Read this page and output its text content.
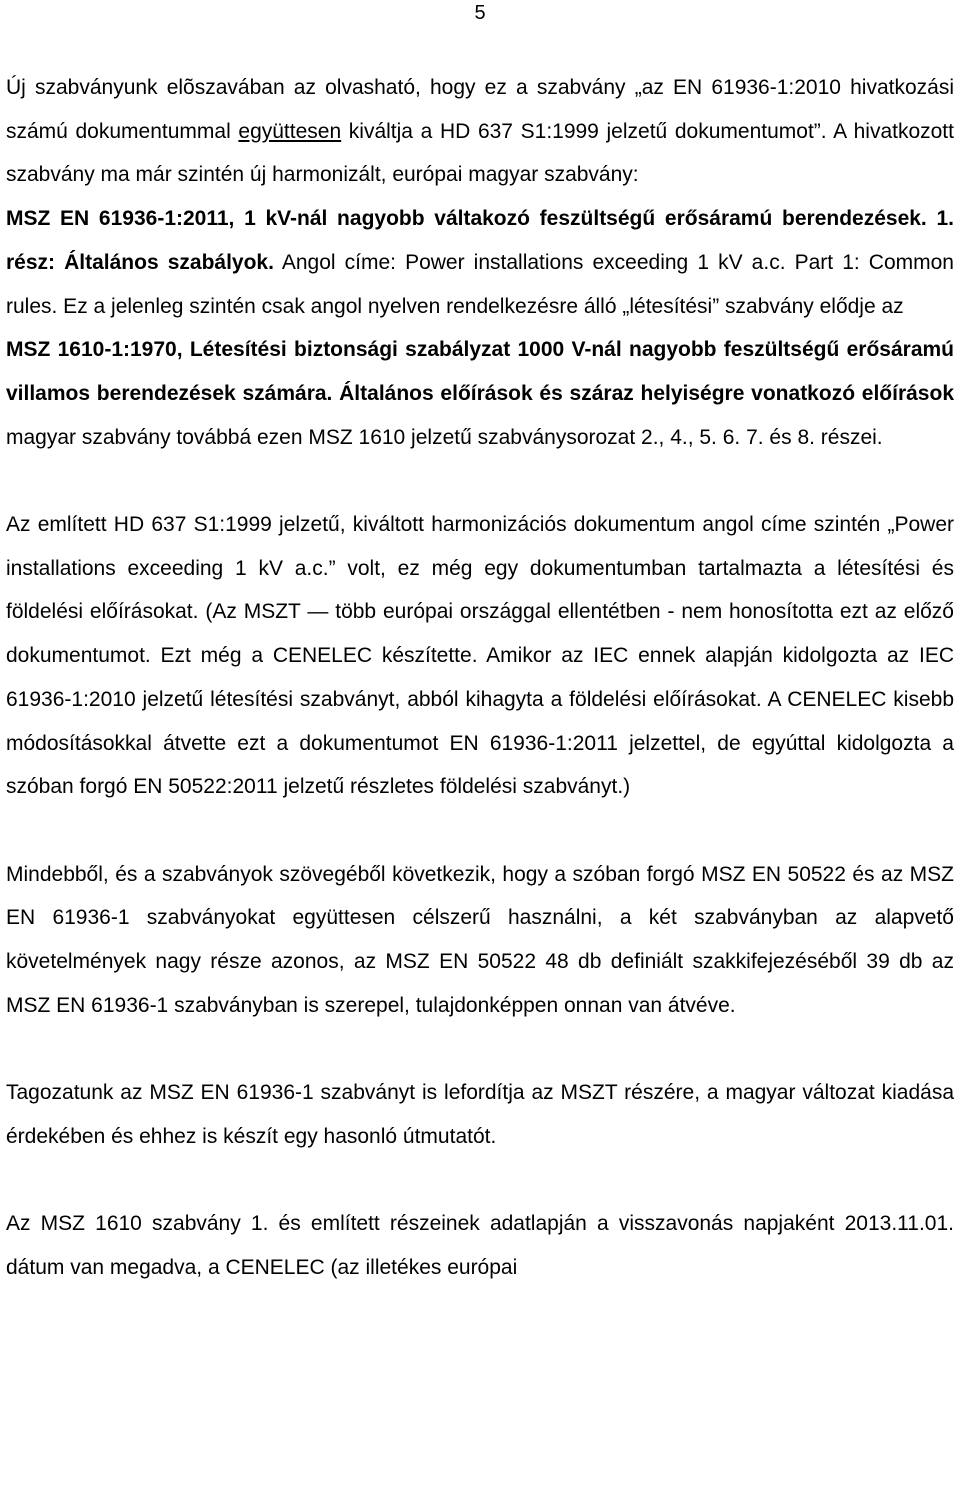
5

Új szabványunk elõszavában az olvasható, hogy ez a szabvány „az EN 61936-1:2010 hivatkozási számú dokumentummal együttesen kiváltja a HD 637 S1:1999 jelzetű dokumentumot”. A hivatkozott szabvány ma már szintén új harmonizált, európai magyar szabvány:
MSZ EN 61936-1:2011, 1 kV-nál nagyobb váltakozó feszültségű erősáramú berendezések. 1. rész: Általános szabályok. Angol címe: Power installations exceeding 1 kV a.c. Part 1: Common rules. Ez a jelenleg szintén csak angol nyelven rendelkezésre álló „létesítési” szabvány elődje az
MSZ 1610-1:1970, Létesítési biztonsági szabályzat 1000 V-nál nagyobb feszültségű erősáramú villamos berendezések számára. Általános előírások és száraz helyiségre vonatkozó előírások magyar szabvány továbbá ezen MSZ 1610 jelzetű szabványsorozat 2., 4., 5. 6. 7. és 8. részei.

Az említett HD 637 S1:1999 jelzetű, kiváltott harmonizációs dokumentum angol címe szintén „Power installations exceeding 1 kV a.c.” volt, ez még egy dokumentumban tartalmazta a létesítési és földelési előírásokat. (Az MSZT — több európai országgal ellentétben - nem honosította ezt az előző dokumentumot. Ezt még a CENELEC készítette. Amikor az IEC ennek alapján kidolgozta az IEC 61936-1:2010 jelzetű létesítési szabványt, abból kihagyta a földelési előírásokat. A CENELEC kisebb módosításokkal átvette ezt a dokumentumot EN 61936-1:2011 jelzettel, de egyúttal kidolgozta a szóban forgó EN 50522:2011 jelzetű részletes földelési szabványt.)

Mindebből, és a szabványok szövegéből következik, hogy a szóban forgó MSZ EN 50522 és az MSZ EN 61936-1 szabványokat együttesen célszerű használni, a két szabványban az alapvető követelmények nagy része azonos, az MSZ EN 50522 48 db definiált szakkifejezéséből 39 db az MSZ EN 61936-1 szabványban is szerepel, tulajdonképpen onnan van átvéve.

Tagozatunk az MSZ EN 61936-1 szabványt is lefordítja az MSZT részére, a magyar változat kiadása érdekében és ehhez is készít egy hasonló útmutatót.

Az MSZ 1610 szabvány 1. és említett részeinek adatlapján a visszavonás napjaként 2013.11.01. dátum van megadva, a CENELEC (az illetékes európai
